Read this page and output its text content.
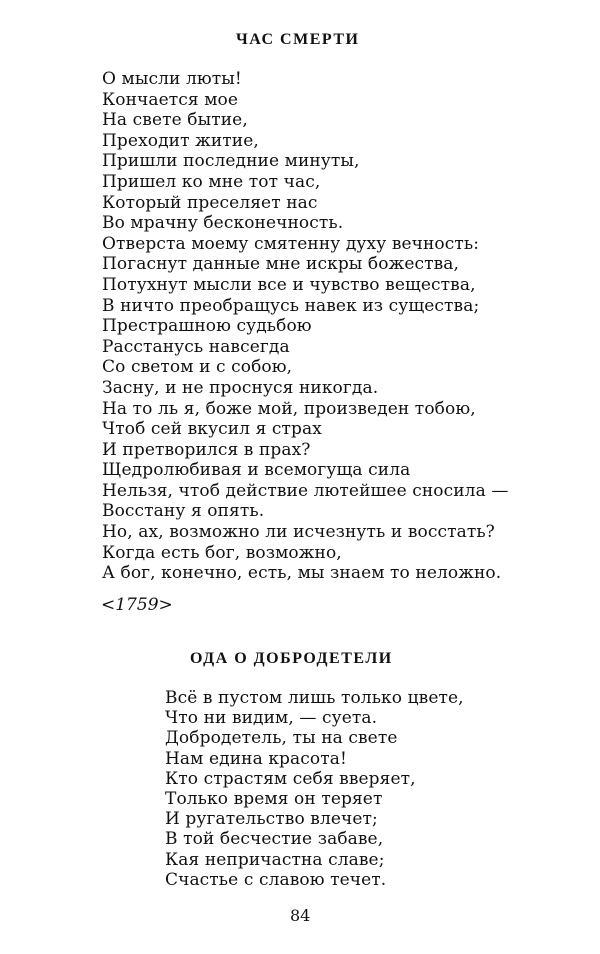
ЧАС СМЕРТИ
О мысли люты!
Кончается мое
На свете бытие,
Преходит житие,
Пришли последние минуты,
Пришел ко мне тот час,
Который преселяет нас
Во мрачну бесконечность.
Отверста моему смятенну духу вечность:
Погаснут данные мне искры божества,
Потухнут мысли все и чувство вещества,
В ничто преобращусь навек из существа;
Престрашною судьбою
Расстанусь навсегда
Со светом и с собою,
Засну, и не проснуся никогда.
На то ль я, боже мой, произведен тобою,
Чтоб сей вкусил я страх
И претворился в прах?
Щедролюбивая и всемогуща сила
Нельзя, чтоб действие лютейшее сносила —
Восстану я опять.
Но, ах, возможно ли исчезнуть и восстать?
Когда есть бог, возможно,
А бог, конечно, есть, мы знаем то неложно.
<1759>
ОДА О ДОБРОДЕТЕЛИ
Всё в пустом лишь только цвете,
Что ни видим, — суета.
Добродетель, ты на свете
Нам едина красота!
Кто страстям себя вверяет,
Только время он теряет
И ругательство влечет;
В той бесчестие забаве,
Кая непричастна славе;
Счастье с славою течет.
84
